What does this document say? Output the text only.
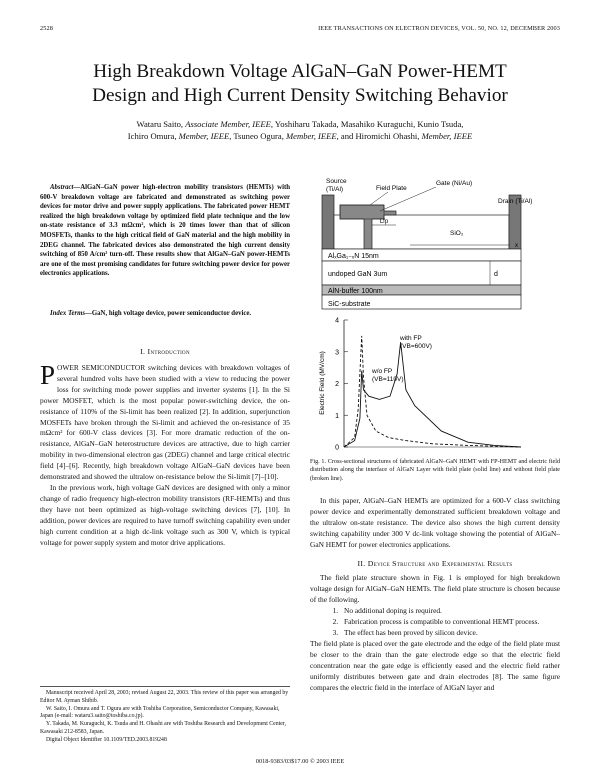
2528	IEEE TRANSACTIONS ON ELECTRON DEVICES, VOL. 50, NO. 12, DECEMBER 2003
High Breakdown Voltage AlGaN–GaN Power-HEMT
Design and High Current Density Switching Behavior
Wataru Saito, Associate Member, IEEE, Yoshiharu Takada, Masahiko Kuraguchi, Kunio Tsuda,
Ichiro Omura, Member, IEEE, Tsuneo Ogura, Member, IEEE, and Hiromichi Ohashi, Member, IEEE
Abstract—AlGaN–GaN power high-electron mobility transistors (HEMTs) with 600-V breakdown voltage are fabricated and demonstrated as switching power devices for motor drive and power supply applications. The fabricated power HEMT realized the high breakdown voltage by optimized field plate technique and the low on-state resistance of 3.3 mΩcm², which is 20 times lower than that of silicon MOSFETs, thanks to the high critical field of GaN material and the high mobility in 2DEG channel. The fabricated devices also demonstrated the high current density switching of 850 A/cm² turn-off. These results show that AlGaN–GaN power-HEMTs are one of the most promising candidates for future switching power device for power electronics applications.
Index Terms—GaN, high voltage device, power semiconductor device.
I. Introduction

POWER SEMICONDUCTOR switching devices with breakdown voltages of several hundred volts have been studied with a view to reducing the power loss for switching mode power supplies and inverter systems [1]. In the Si power MOSFET, which is the most popular power-switching device, the on-resistance of 110% of the Si-limit has been realized [2]. In addition, superjunction MOSFETs have broken through the Si-limit and achieved the on-resistance of 35 mΩcm² for 600-V class devices [3]. For more dramatic reduction of the on-resistance, AlGaN–GaN heterostructure devices are attractive, due to high carrier mobility in two-dimensional electron gas (2DEG) channel and large critical electric field [4]–[6]. Recently, high breakdown voltage AlGaN–GaN devices have been demonstrated and showed the ultralow on-resistance below the Si-limit [7]–[10].

In the previous work, high voltage GaN devices are designed with only a minor change of radio frequency high-electron mobility transistors (RF-HEMTs) and thus they have not been optimized as high-voltage switching devices [7], [10]. In addition, power devices are required to have turnoff switching capability even under high current condition at a high dc-link voltage such as 300 V, which is typical voltage for power supply system and motor drive applications.

Manuscript received April 28, 2003; revised August 22, 2003. This review of this paper was arranged by Editor M. Ayman Shibib.

W. Saito, I. Omura and T. Ogura are with Toshiba Corporation, Semiconductor Company, Kawasaki, Japan (e-mail: wataru3.saito@toshiba.co.jp).

Y. Takada, M. Kuraguchi, K. Tsuda and H. Ohashi are with Toshiba Research and Development Center, Kawasaki 212-8583, Japan.

Digital Object Identifier 10.1109/TED.2003.819248

Lfp
SiO₂
x
Source
(Ti/Al)	Field Plate
Gate (Ni/Au)
Drain (Ti/Al)
AlₓGa₁₋ₓN 15nm
undoped GaN 3um	d
AlN-buffer 100nm
SiC-substrate
4
3
2
1
0
Electric Field (MV/cm)
with FP
(VB=600V)
w/o FP
(VB=110V)
Fig. 1. Cross-sectional structures of fabricated AlGaN–GaN HEMT with FP-HEMT and electric field distribution along the interface of AlGaN Layer with field plate (solid line) and without field plate (broken line).

In this paper, AlGaN–GaN HEMTs are optimized for a 600-V class switching power device and experimentally demonstrated sufficient breakdown voltage and the ultralow on-state resistance. The device also shows the high current density switching capability under 300 V dc-link voltage showing the potential of AlGaN–GaN HEMT for power electronics applications.

II. Device Structure and Experimental Results

The field plate structure shown in Fig. 1 is employed for high breakdown voltage design for AlGaN–GaN HEMTs. The field plate structure is chosen because of the following.

1. No additional doping is required.
2. Fabrication process is compatible to conventional HEMT process.
3. The effect has been proved by silicon device.

The field plate is placed over the gate electrode and the edge of the field plate must be closer to the drain than the gate electrode edge so that the electric field concentration near the gate edge is efficiently eased and the electric field rather uniformly distributes between gate and drain electrodes [8]. The same figure compares the electric field in the interface of AlGaN layer and

0018-9383/03$17.00 © 2003 IEEE
